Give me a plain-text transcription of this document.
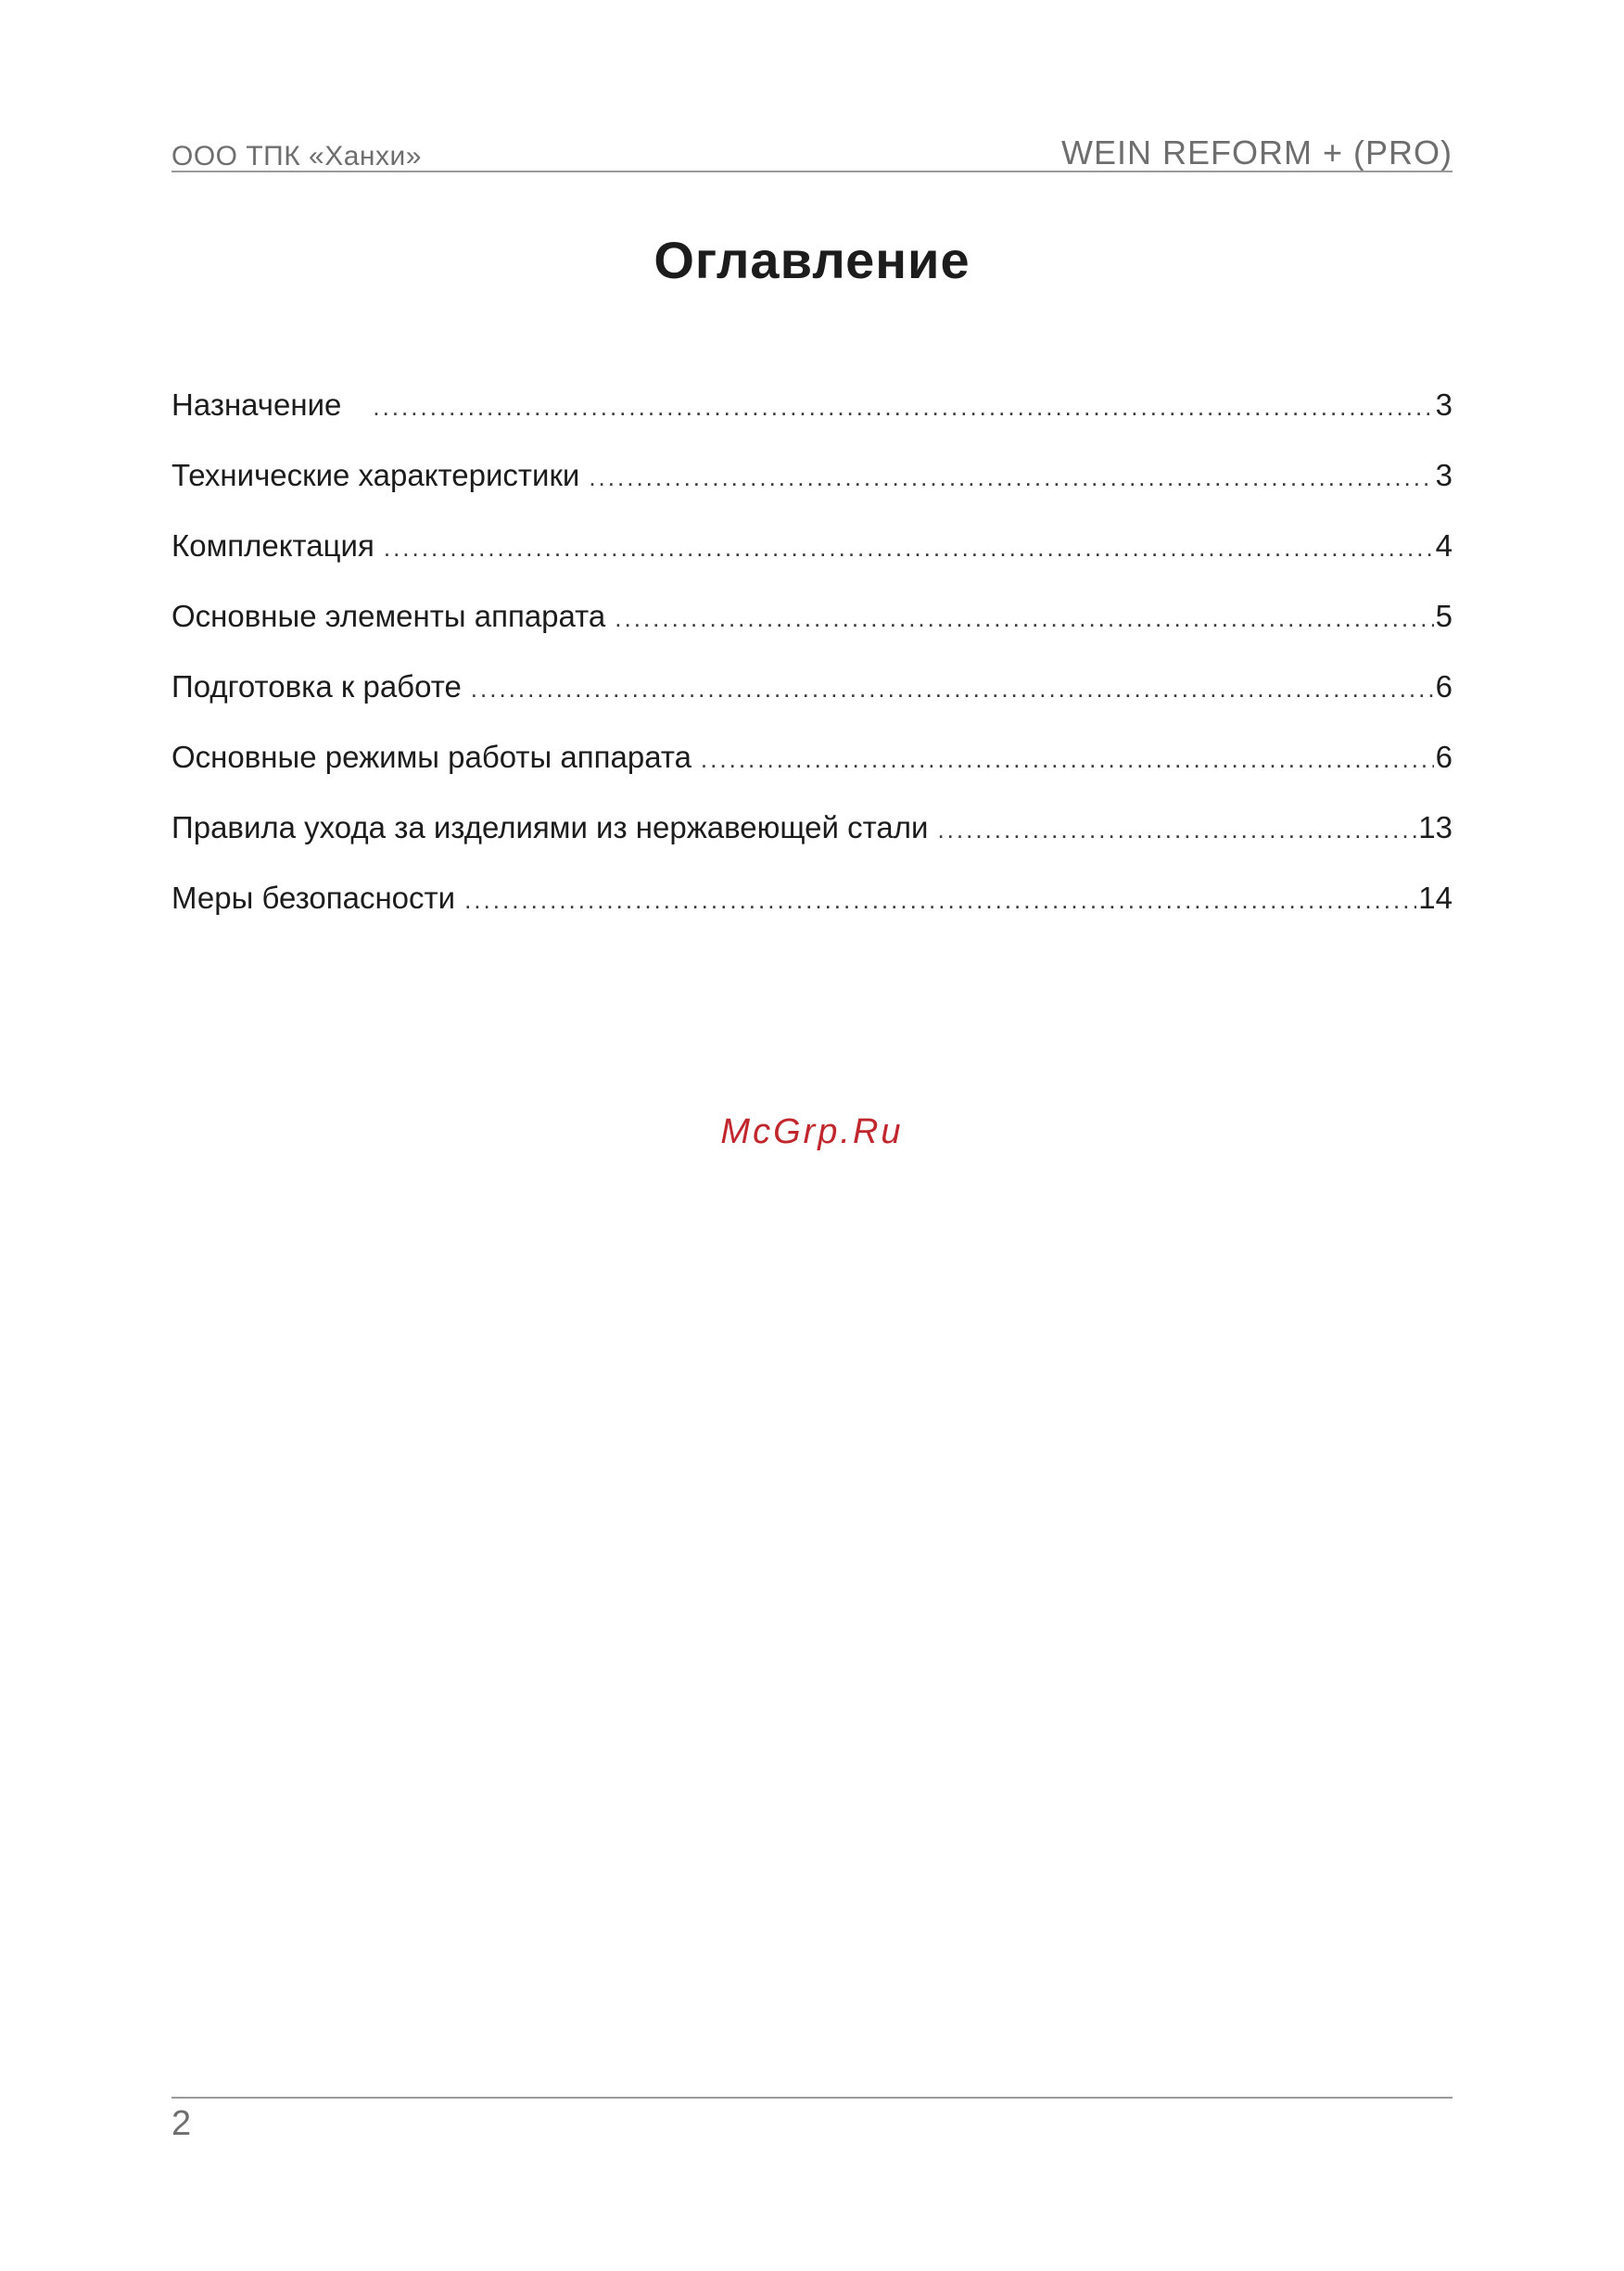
ООО ТПК «Ханхи»	WEIN REFORM + (PRO)
Оглавление
Назначение .....	3
Технические характеристики .....	3
Комплектация .....	4
Основные элементы аппарата .....	5
Подготовка к работе .....	6
Основные режимы работы аппарата .....	6
Правила ухода за изделиями из нержавеющей стали .....	13
Меры безопасности .....	14
McGrp.Ru
2
